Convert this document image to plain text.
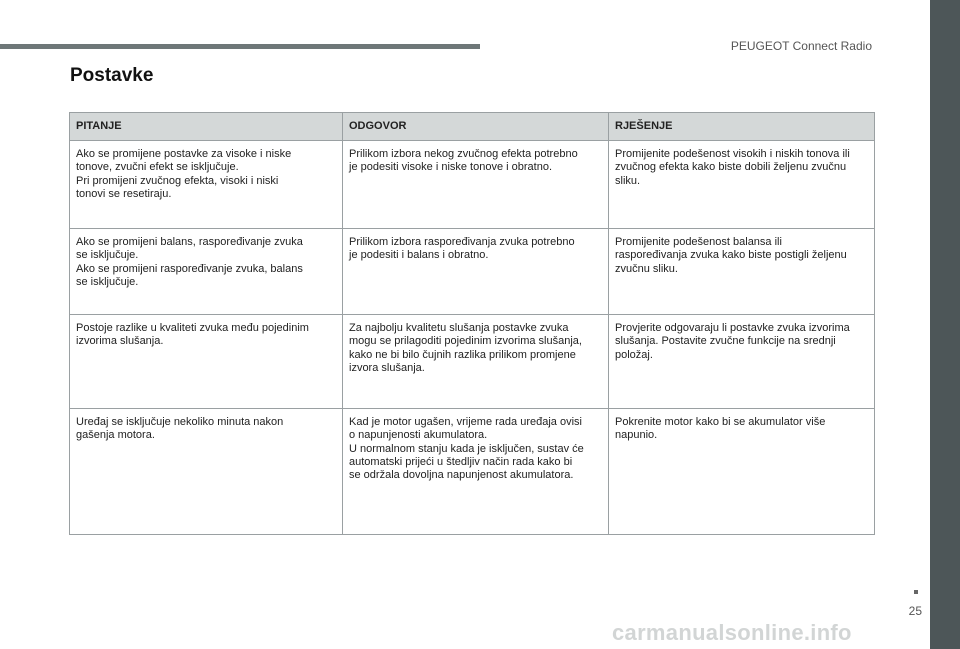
PEUGEOT Connect Radio
Postavke
PITANJE	ODGOVOR	RJEŠENJE

Ako se promijene postavke za visoke i niske
tonove, zvučni efekt se isključuje.
Pri promijeni zvučnog efekta, visoki i niski
tonovi se resetiraju.	Prilikom izbora nekog zvučnog efekta potrebno
je podesiti visoke i niske tonove i obratno.	Promijenite podešenost visokih i niskih tonova ili
zvučnog efekta kako biste dobili željenu zvučnu
sliku.

Ako se promijeni balans, raspoređivanje zvuka
se isključuje.
Ako se promijeni raspoređivanje zvuka, balans
se isključuje.	Prilikom izbora raspoređivanja zvuka potrebno
je podesiti i balans i obratno.	Promijenite podešenost balansa ili
raspoređivanja zvuka kako biste postigli željenu
zvučnu sliku.

Postoje razlike u kvaliteti zvuka među pojedinim
izvorima slušanja.	Za najbolju kvalitetu slušanja postavke zvuka
mogu se prilagoditi pojedinim izvorima slušanja,
kako ne bi bilo čujnih razlika prilikom promjene
izvora slušanja.	Provjerite odgovaraju li postavke zvuka izvorima
slušanja. Postavite zvučne funkcije na srednji
položaj.

Uređaj se isključuje nekoliko minuta nakon
gašenja motora.	Kad je motor ugašen, vrijeme rada uređaja ovisi
o napunjenosti akumulatora.
U normalnom stanju kada je isključen, sustav će
automatski prijeći u štedljiv način rada kako bi
se održala dovoljna napunjenost akumulatora.	Pokrenite motor kako bi se akumulator više
napunio.
25
carmanualsonline.info
